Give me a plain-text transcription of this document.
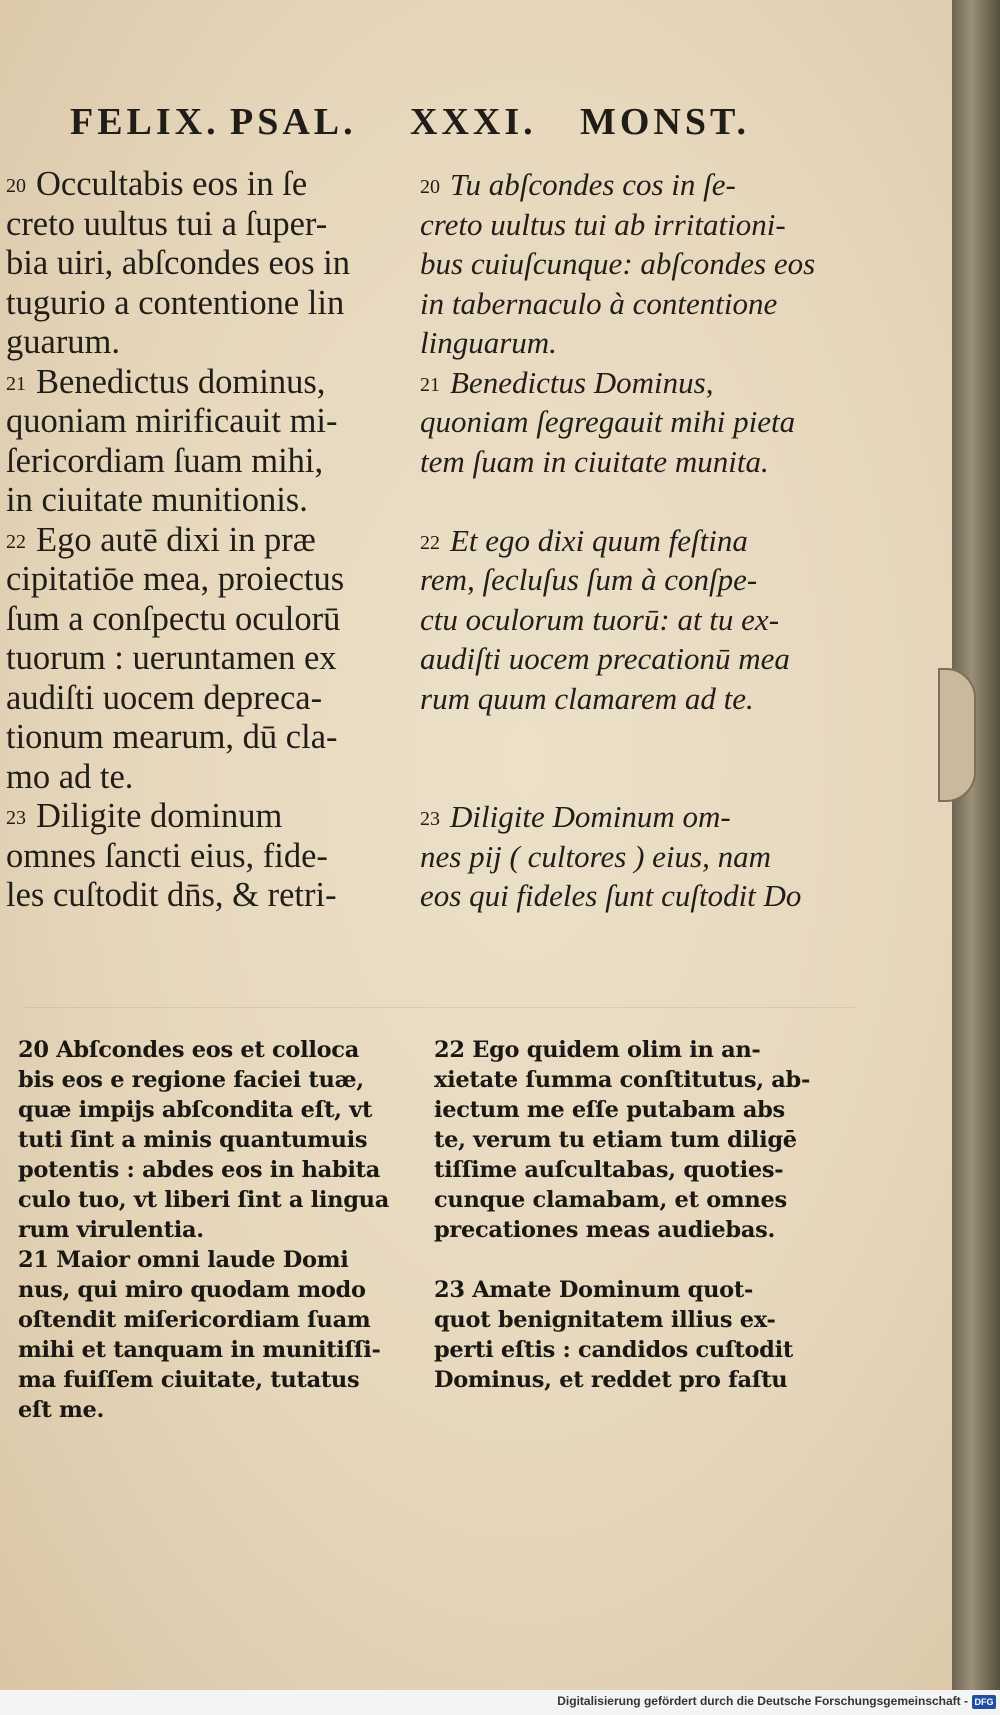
FELIX. PSAL. XXXI. MONST.
20 Occultabis eos in ſe
creto uultus tui a ſuper-
bia uiri, abſcondes eos in
tugurio a contentione lin
guarum.
21 Benedictus dominus,
quoniam mirificauit mi-
ſericordiam ſuam mihi,
in ciuitate munitionis.
22 Ego autē dixi in præ
cipitatiōe mea, proiectus
ſum a conſpectu oculorū
tuorum : ueruntamen ex
audiſti uocem depreca-
tionum mearum, dū cla-
mo ad te.
23 Diligite dominum
omnes ſancti eius, fide-
les cuſtodit dn̄s, & retri-
20 Tu abſcondes cos in ſe-
creto uultus tui ab irritationi-
bus cuiuſcunque: abſcondes eos
in tabernaculo à contentione
linguarum.
21 Benedictus Dominus,
quoniam ſegregauit mihi pieta
tem ſuam in ciuitate munita.
22 Et ego dixi quum feſtina
rem, ſecluſus ſum à conſpe-
ctu oculorum tuorū: at tu ex-
audiſti uocem precationū mea
rum quum clamarem ad te.
23 Diligite Dominum om-
nes pij ( cultores ) eius, nam
eos qui fideles ſunt cuſtodit Do
20 Abſcondes eos et colloca
bis eos e regione faciei tuæ,
quæ impijs abſcondita eſt, vt
tuti ſint a minis quantumuis
potentis : abdes eos in habita
culo tuo, vt liberi ſint a lingua
rum virulentia.
21 Maior omni laude Domi
nus, qui miro quodam modo
oſtendit miſericordiam ſuam
mihi et tanquam in munitiſſi-
ma fuiſſem ciuitate, tutatus
eſt me.
22 Ego quidem olim in an-
xietate ſumma conſtitutus, ab-
iectum me eſſe putabam abs
te, verum tu etiam tum diligē
tiſſime auſcultabas, quoties-
cunque clamabam, et omnes
precationes meas audiebas.
23 Amate Dominum quot-
quot benignitatem illius ex-
perti eſtis : candidos cuſtodit
Dominus, et reddet pro faſtu
Digitalisierung gefördert durch die Deutsche Forschungsgemeinschaft - DFG
